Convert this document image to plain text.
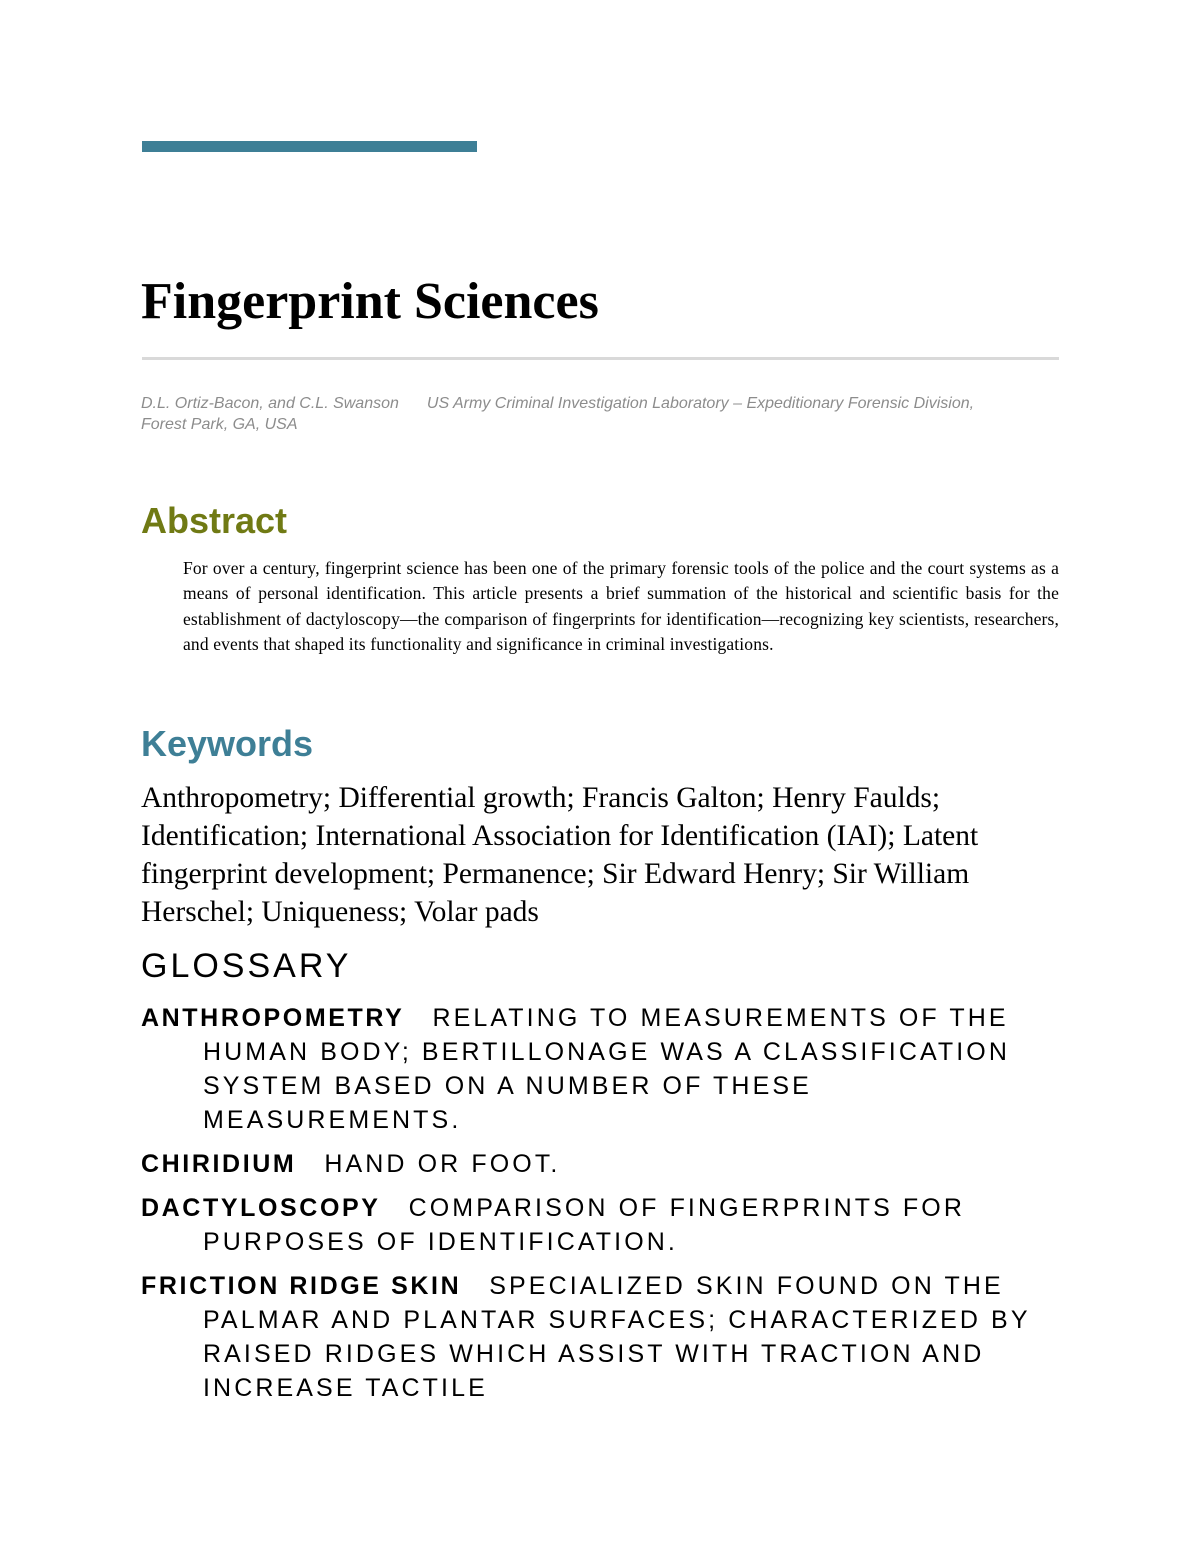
Fingerprint Sciences
D.L. Ortiz-Bacon, and C.L. Swanson US Army Criminal Investigation Laboratory – Expeditionary Forensic Division, Forest Park, GA, USA
Abstract

For over a century, fingerprint science has been one of the primary forensic tools of the police and the court systems as a means of personal identification. This article presents a brief summation of the historical and scientific basis for the establishment of dactyloscopy—the comparison of fingerprints for identification—recognizing key scientists, researchers, and events that shaped its functionality and significance in criminal investigations.

Keywords

Anthropometry; Differential growth; Francis Galton; Henry Faulds; Identification; International Association for Identification (IAI); Latent fingerprint development; Permanence; Sir Edward Henry; Sir William Herschel; Uniqueness; Volar pads

GLOSSARY

ANTHROPOMETRY RELATING TO MEASUREMENTS OF THE HUMAN BODY; BERTILLONAGE WAS A CLASSIFICATION SYSTEM BASED ON A NUMBER OF THESE MEASUREMENTS.

CHIRIDIUM HAND OR FOOT.

DACTYLOSCOPY COMPARISON OF FINGERPRINTS FOR PURPOSES OF IDENTIFICATION.

FRICTION RIDGE SKIN SPECIALIZED SKIN FOUND ON THE PALMAR AND PLANTAR SURFACES; CHARACTERIZED BY RAISED RIDGES WHICH ASSIST WITH TRACTION AND INCREASE TACTILE
